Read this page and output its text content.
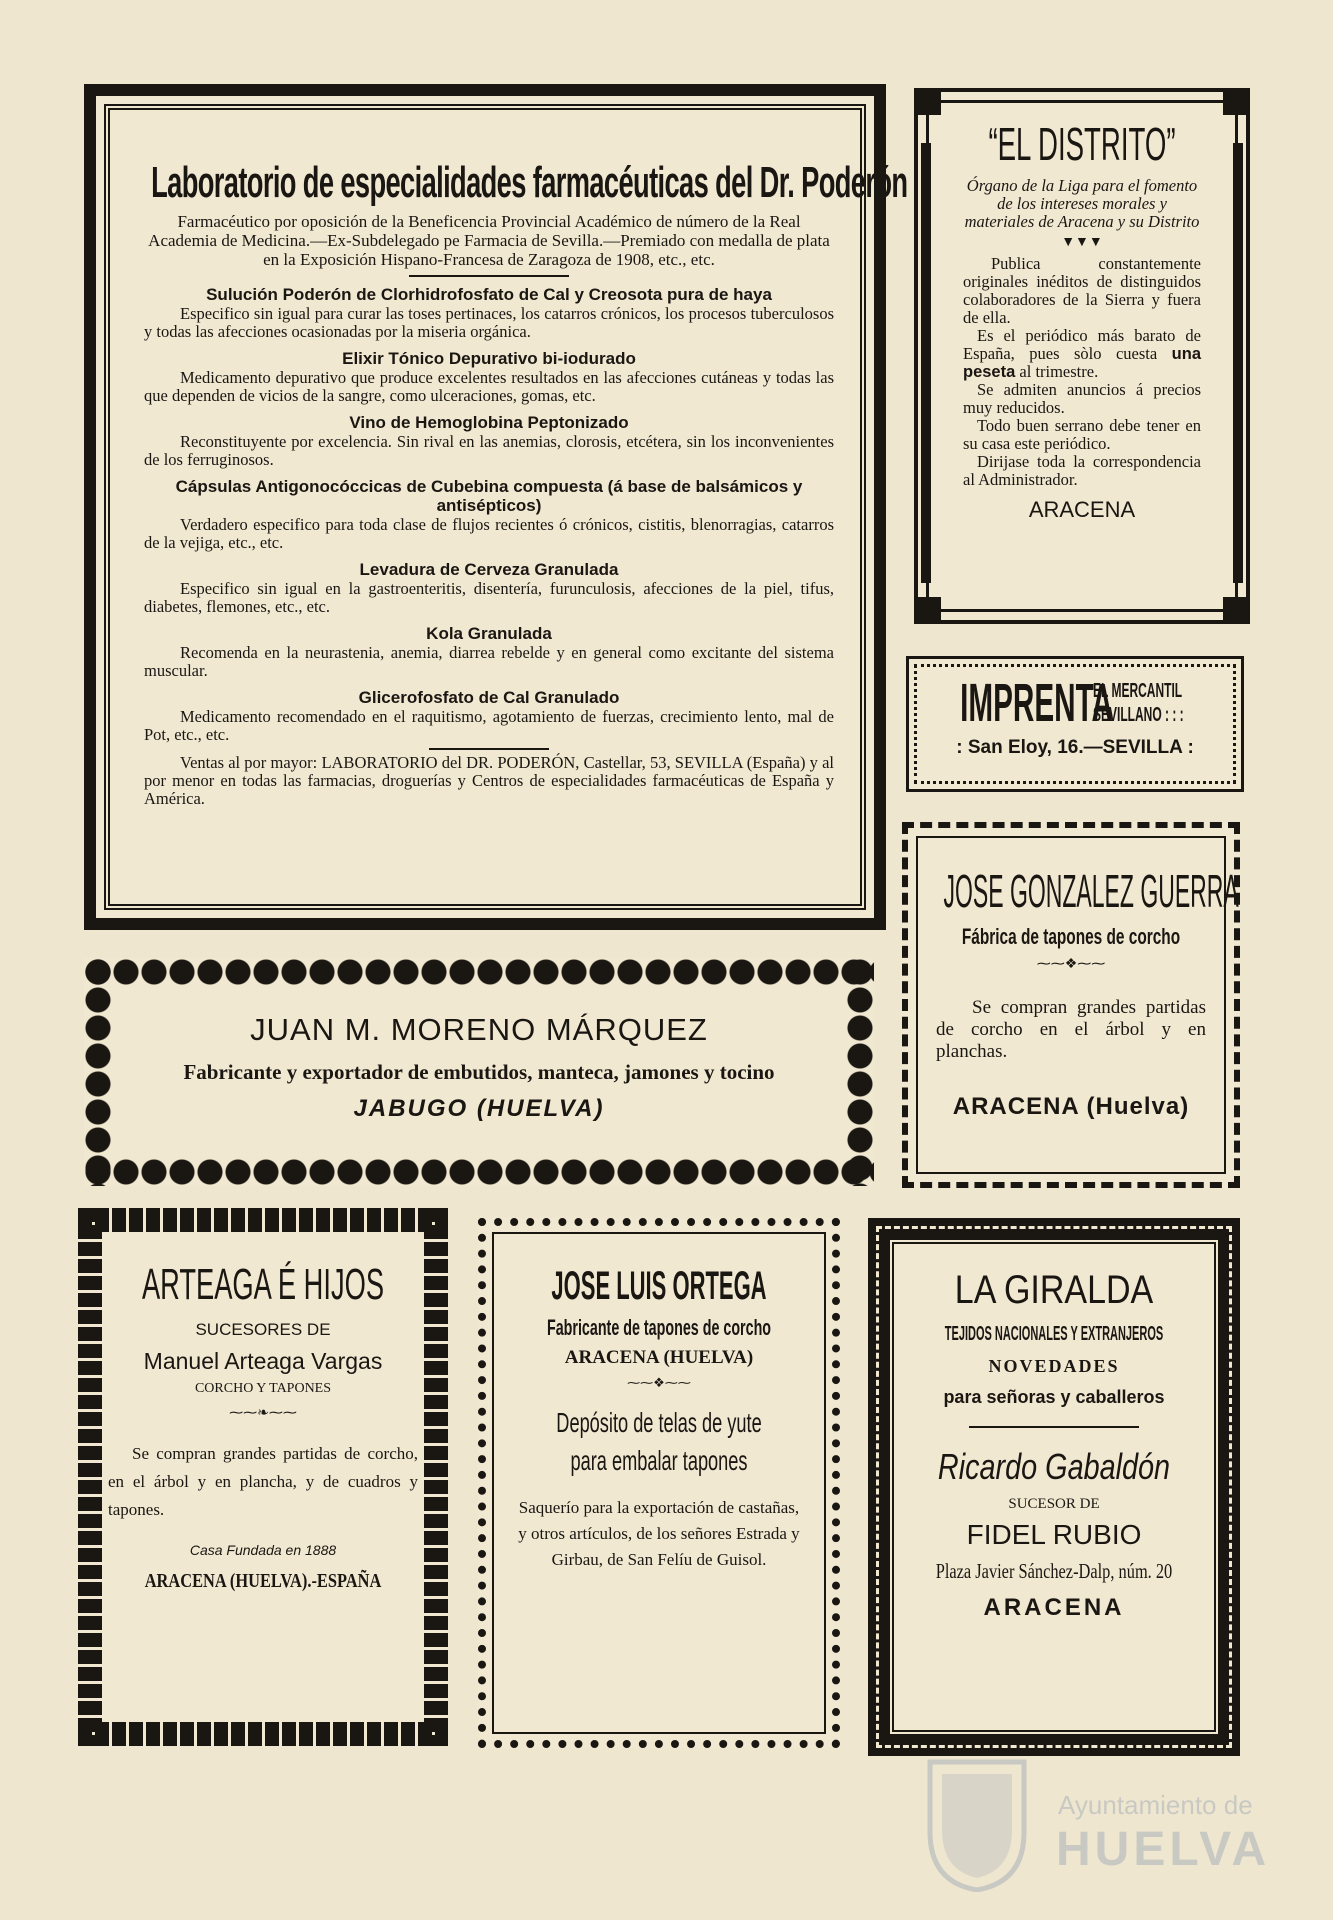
Laboratorio de especialidades farmacéuticas del Dr. Poderón

Farmacéutico por oposición de la Beneficencia Provincial Académico de número de la Real Academia de Medicina.—Ex-Subdelegado pe Farmacia de Sevilla.—Premiado con medalla de plata en la Exposición Hispano-Francesa de Zaragoza de 1908, etc., etc.

Sulución Poderón de Clorhidrofosfato de Cal y Creosota pura de haya

Especifico sin igual para curar las toses pertinaces, los catarros crónicos, los procesos tuberculosos y todas las afecciones ocasionadas por la miseria orgánica.

Elixir Tónico Depurativo bi-iodurado

Medicamento depurativo que produce excelentes resultados en las afecciones cutáneas y todas las que dependen de vicios de la sangre, como ulceraciones, gomas, etc.

Vino de Hemoglobina Peptonizado

Reconstituyente por excelencia. Sin rival en las anemias, clorosis, etcétera, sin los inconvenientes de los ferruginosos.

Cápsulas Antigonocóccicas de Cubebina compuesta (á base de balsámicos y antisépticos)

Verdadero especifico para toda clase de flujos recientes ó crónicos, cistitis, blenorragias, catarros de la vejiga, etc., etc.

Levadura de Cerveza Granulada

Especifico sin igual en la gastroenteritis, disentería, furunculosis, afecciones de la piel, tifus, diabetes, flemones, etc., etc.

Kola Granulada

Recomenda en la neurastenia, anemia, diarrea rebelde y en general como excitante del sistema muscular.

Glicerofosfato de Cal Granulado

Medicamento recomendado en el raquitismo, agotamiento de fuerzas, crecimiento lento, mal de Pot, etc., etc.

Ventas al por mayor: LABORATORIO del DR. PODERÓN, Castellar, 53, SEVILLA (España) y al por menor en todas las farmacias, droguerías y Centros de especialidades farmacéuticas de España y América.

“EL DISTRITO”
Órgano de la Liga para el fomento de los intereses morales y materiales de Aracena y su Distrito
▼▼▼

Publica constantemente originales inéditos de distinguidos colaboradores de la Sierra y fuera de ella.

Es el periódico más barato de España, pues sòlo cuesta una peseta al trimestre.

Se admiten anuncios á precios muy reducidos.

Todo buen serrano debe tener en su casa este periódico.

Dirijase toda la correspondencia al Administrador.

ARACENA
IMPRENTA
EL MERCANTIL
SEVILLANO : : :
: San Eloy, 16.—SEVILLA :
JOSE GONZALEZ GUERRA
Fábrica de tapones de corcho
⁓⁓❖⁓⁓

Se compran grandes partidas de corcho en el árbol y en planchas.

ARACENA (Huelva)
JUAN M. MORENO MÁRQUEZ
Fabricante y exportador de embutidos, manteca, jamones y tocino
JABUGO (HUELVA)
ARTEAGA É HIJOS
SUCESORES DE
Manuel Arteaga Vargas
CORCHO Y TAPONES
⁓⁓❧⁓⁓

Se compran grandes partidas de corcho, en el árbol y en plancha, y de cuadros y tapones.

Casa Fundada en 1888
ARACENA (HUELVA).-ESPAÑA
JOSE LUIS ORTEGA
Fabricante de tapones de corcho
ARACENA (HUELVA)
⁓⁓❖⁓⁓
Depósito de telas de yute
para embalar tapones

Saquerío para la exportación de castañas, y otros artículos, de los señores Estrada y Girbau, de San Felíu de Guisol.

LA GIRALDA
TEJIDOS NACIONALES Y EXTRANJEROS
NOVEDADES
para señoras y caballeros
Ricardo Gabaldón
SUCESOR DE
FIDEL RUBIO
Plaza Javier Sánchez-Dalp, núm. 20
ARACENA
Ayuntamiento de
HUELVA
